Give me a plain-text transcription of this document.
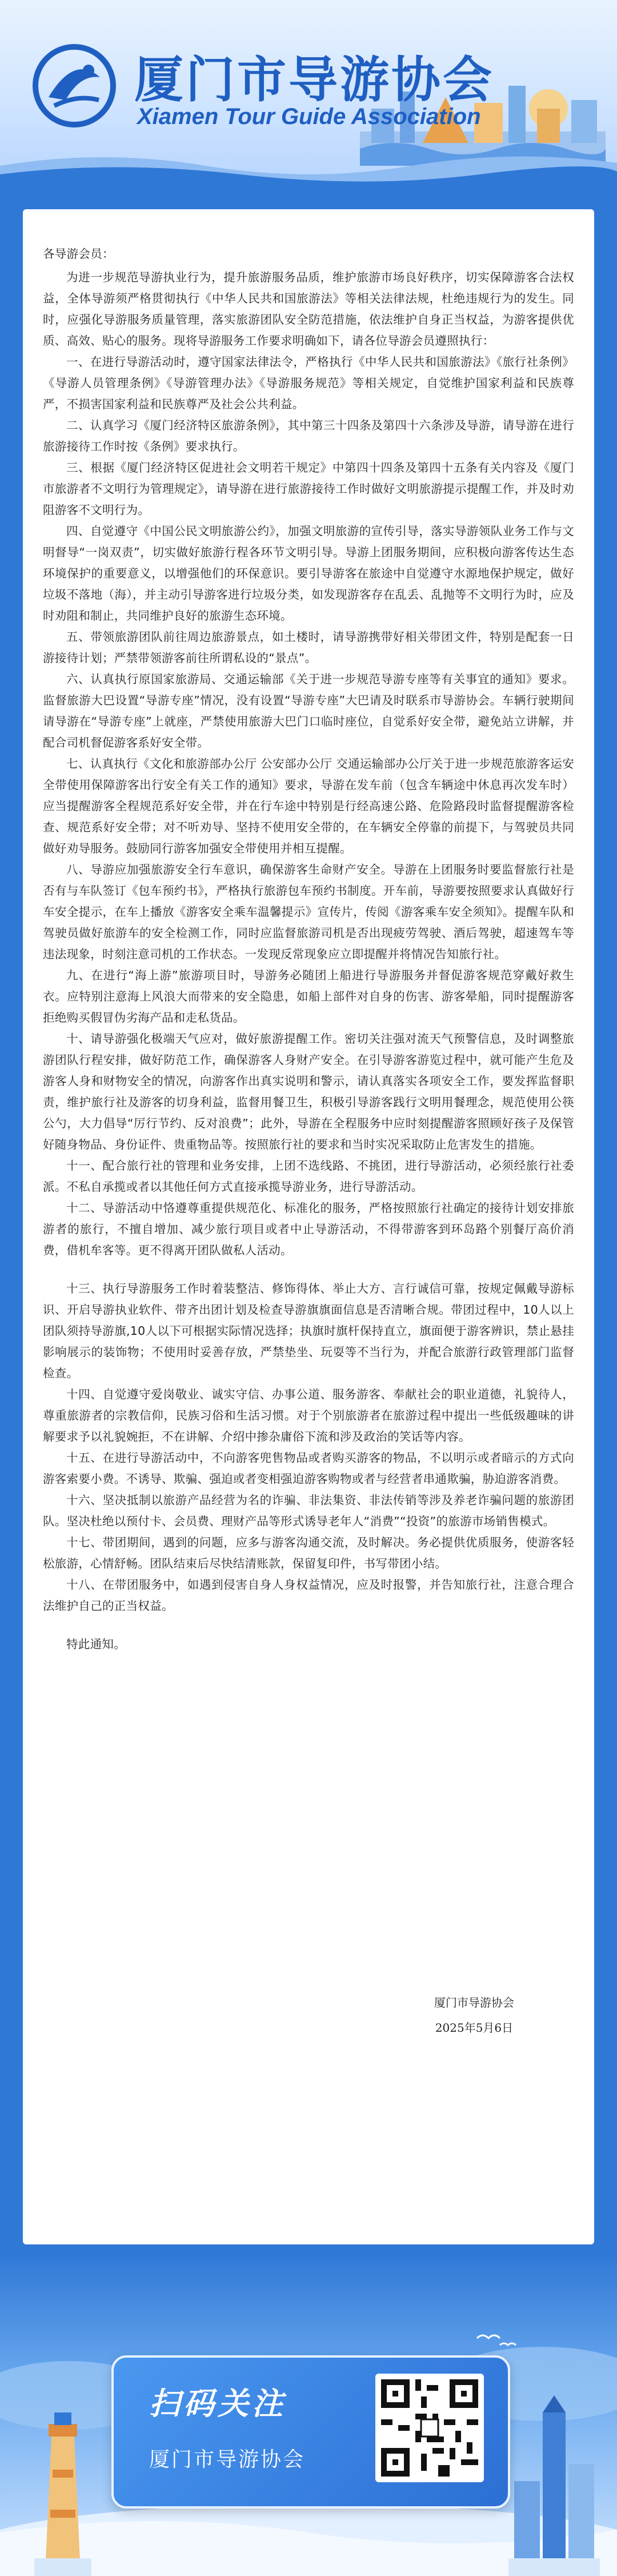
厦门市导游协会
Xiamen Tour Guide Association

各导游会员：

为进一步规范导游执业行为，提升旅游服务品质，维护旅游市场良好秩序，切实保障游客合法权益，全体导游须严格贯彻执行《中华人民共和国旅游法》等相关法律法规，杜绝违规行为的发生。同时，应强化导游服务质量管理，落实旅游团队安全防范措施，依法维护自身正当权益，为游客提供优质、高效、贴心的服务。现将导游服务工作要求明确如下，请各位导游会员遵照执行：

一、在进行导游活动时，遵守国家法律法令，严格执行《中华人民共和国旅游法》《旅行社条例》《导游人员管理条例》《导游管理办法》《导游服务规范》等相关规定，自觉维护国家利益和民族尊严，不损害国家利益和民族尊严及社会公共利益。

二、认真学习《厦门经济特区旅游条例》，其中第三十四条及第四十六条涉及导游，请导游在进行旅游接待工作时按《条例》要求执行。

三、根据《厦门经济特区促进社会文明若干规定》中第四十四条及第四十五条有关内容及《厦门市旅游者不文明行为管理规定》，请导游在进行旅游接待工作时做好文明旅游提示提醒工作，并及时劝阻游客不文明行为。

四、自觉遵守《中国公民文明旅游公约》，加强文明旅游的宣传引导，落实导游领队业务工作与文明督导“一岗双责”，切实做好旅游行程各环节文明引导。导游上团服务期间，应积极向游客传达生态环境保护的重要意义，以增强他们的环保意识。要引导游客在旅途中自觉遵守水源地保护规定，做好垃圾不落地（海），并主动引导游客进行垃圾分类，如发现游客存在乱丢、乱抛等不文明行为时，应及时劝阻和制止，共同维护良好的旅游生态环境。

五、带领旅游团队前往周边旅游景点，如土楼时，请导游携带好相关带团文件，特别是配套一日游接待计划；严禁带领游客前往所谓私设的“景点”。

六、认真执行原国家旅游局、交通运输部《关于进一步规范导游专座等有关事宜的通知》要求。监督旅游大巴设置“导游专座”情况，没有设置“导游专座”大巴请及时联系市导游协会。车辆行驶期间请导游在“导游专座”上就座，严禁使用旅游大巴门口临时座位，自觉系好安全带，避免站立讲解，并配合司机督促游客系好安全带。

七、认真执行《文化和旅游部办公厅 公安部办公厅 交通运输部办公厅关于进一步规范旅游客运安全带使用保障游客出行安全有关工作的通知》要求，导游在发车前（包含车辆途中休息再次发车时）应当提醒游客全程规范系好安全带，并在行车途中特别是行经高速公路、危险路段时监督提醒游客检查、规范系好安全带；对不听劝导、坚持不使用安全带的，在车辆安全停靠的前提下，与驾驶员共同做好劝导服务。鼓励同行游客加强安全带使用并相互提醒。

八、导游应加强旅游安全行车意识，确保游客生命财产安全。导游在上团服务时要监督旅行社是否有与车队签订《包车预约书》，严格执行旅游包车预约书制度。开车前，导游要按照要求认真做好行车安全提示，在车上播放《游客安全乘车温馨提示》宣传片，传阅《游客乘车安全须知》。提醒车队和驾驶员做好旅游车的安全检测工作，同时应监督旅游司机是否出现疲劳驾驶、酒后驾驶，超速驾车等违法现象，时刻注意司机的工作状态。一发现反常现象应立即提醒并将情况告知旅行社。

九、在进行“海上游”旅游项目时，导游务必随团上船进行导游服务并督促游客规范穿戴好救生衣。应特别注意海上风浪大而带来的安全隐患，如船上部件对自身的伤害、游客晕船，同时提醒游客拒绝购买假冒伪劣海产品和走私货品。

十、请导游强化极端天气应对，做好旅游提醒工作。密切关注强对流天气预警信息，及时调整旅游团队行程安排，做好防范工作，确保游客人身财产安全。在引导游客游览过程中，就可能产生危及游客人身和财物安全的情况，向游客作出真实说明和警示，请认真落实各项安全工作，要发挥监督职责，维护旅行社及游客的切身利益，监督用餐卫生，积极引导游客践行文明用餐理念，规范使用公筷公勺，大力倡导“厉行节约、反对浪费”；此外，导游在全程服务中应时刻提醒游客照顾好孩子及保管好随身物品、身份证件、贵重物品等。按照旅行社的要求和当时实况采取防止危害发生的措施。

十一、配合旅行社的管理和业务安排，上团不选线路、不挑团，进行导游活动，必须经旅行社委派。不私自承揽或者以其他任何方式直接承揽导游业务，进行导游活动。

十二、导游活动中恪遵尊重提供规范化、标准化的服务，严格按照旅行社确定的接待计划安排旅游者的旅行，不擅自增加、减少旅行项目或者中止导游活动，不得带游客到环岛路个别餐厅高价消费，借机牟客等。更不得离开团队做私人活动。

十三、执行导游服务工作时着装整洁、修饰得体、举止大方、言行诚信可靠，按规定佩戴导游标识、开启导游执业软件、带齐出团计划及检查导游旗旗面信息是否清晰合规。带团过程中，10人以上团队须持导游旗,10人以下可根据实际情况选择；执旗时旗杆保持直立，旗面便于游客辨识，禁止悬挂影响展示的装饰物；不使用时妥善存放，严禁垫坐、玩耍等不当行为，并配合旅游行政管理部门监督检查。

十四、自觉遵守爱岗敬业、诚实守信、办事公道、服务游客、奉献社会的职业道德，礼貌待人，尊重旅游者的宗教信仰，民族习俗和生活习惯。对于个别旅游者在旅游过程中提出一些低级趣味的讲解要求予以礼貌婉拒，不在讲解、介绍中掺杂庸俗下流和涉及政治的笑话等内容。

十五、在进行导游活动中，不向游客兜售物品或者购买游客的物品，不以明示或者暗示的方式向游客索要小费。不诱导、欺骗、强迫或者变相强迫游客购物或者与经营者串通欺骗，胁迫游客消费。

十六、坚决抵制以旅游产品经营为名的诈骗、非法集资、非法传销等涉及养老诈骗问题的旅游团队。坚决杜绝以预付卡、会员费、理财产品等形式诱导老年人“消费”“投资”的旅游市场销售模式。

十七、带团期间，遇到的问题，应多与游客沟通交流，及时解决。务必提供优质服务，使游客轻松旅游，心情舒畅。团队结束后尽快结清账款，保留复印件，书写带团小结。

十八、在带团服务中，如遇到侵害自身人身权益情况，应及时报警，并告知旅行社，注意合理合法维护自己的正当权益。

特此通知。

厦门市导游协会
2025年5月6日
扫码关注
厦门市导游协会
